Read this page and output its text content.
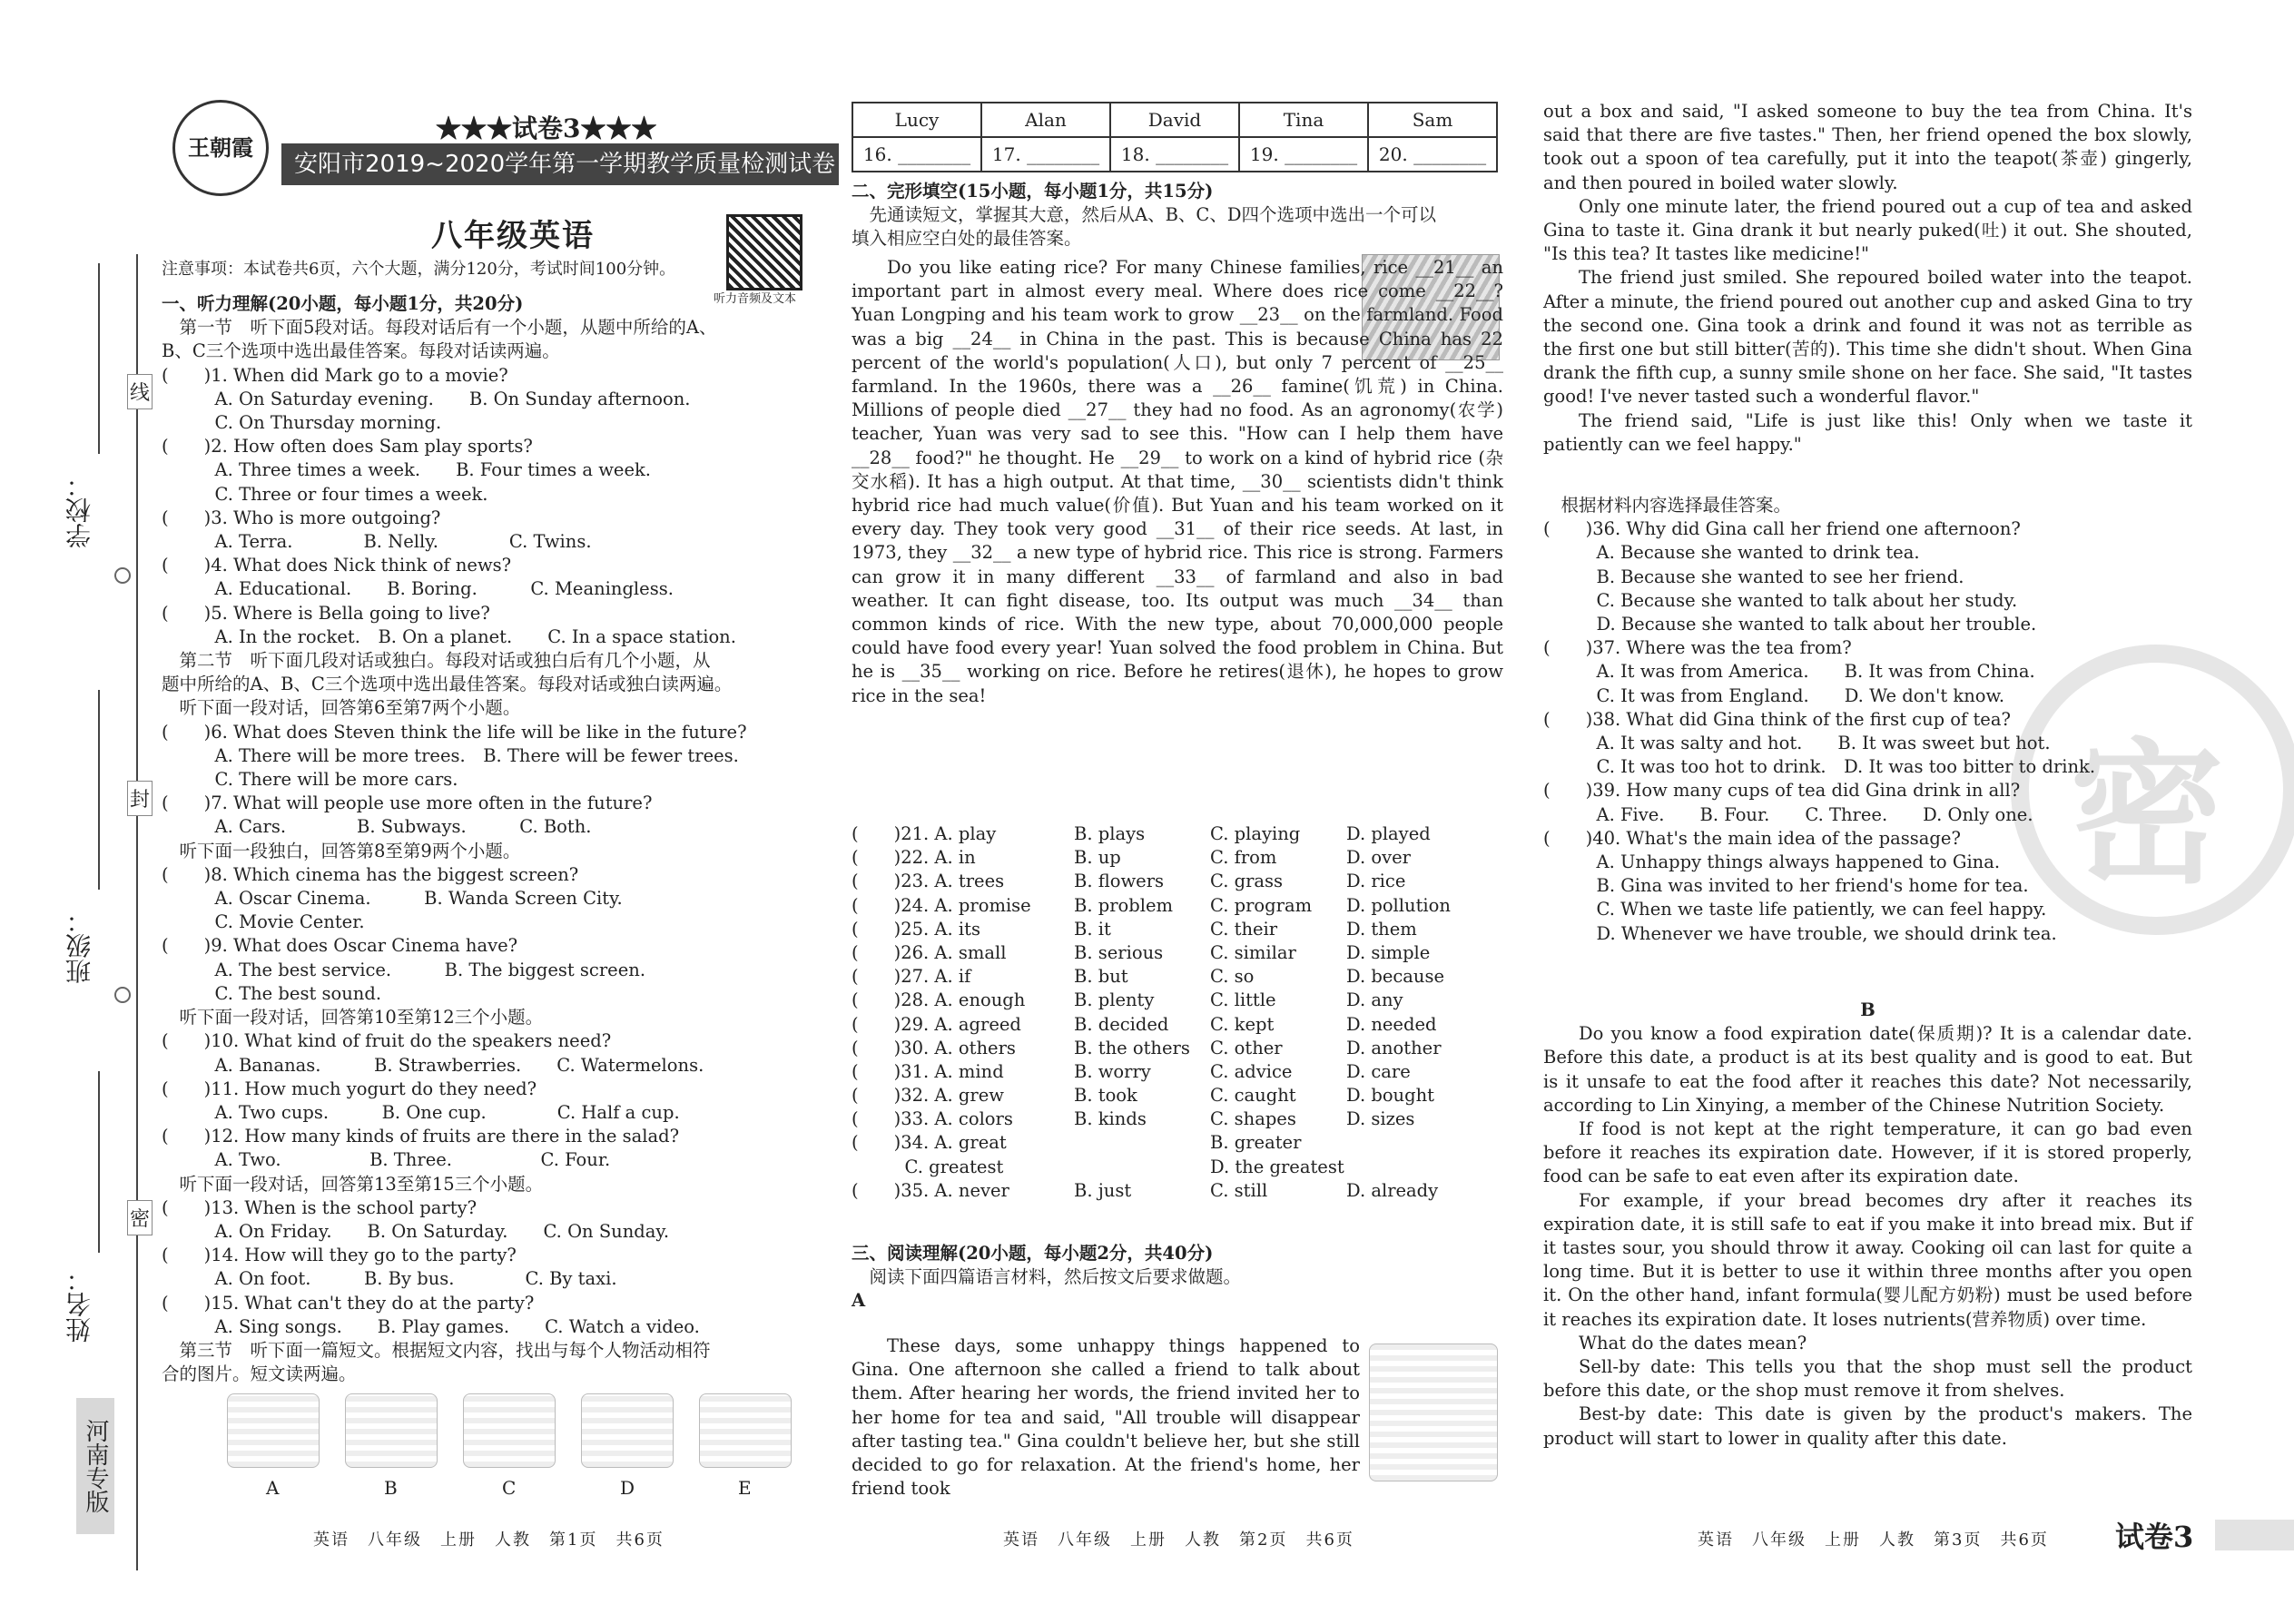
学校：
班级：
姓名：
线
封
密
河南专版
王朝霞
★★★试卷3★★★
安阳市2019~2020学年第一学期教学质量检测试卷
八年级英语
听力音频及文本
注意事项：本试卷共6页，六个大题，满分120分，考试时间100分钟。

一、听力理解(20小题，每小题1分，共20分)

　第一节　听下面5段对话。每段对话后有一个小题，从题中所给的A、

B、C三个选项中选出最佳答案。每段对话读两遍。

(　　)1. When did Mark go to a movie?

　　　A. On Saturday evening.　　B. On Sunday afternoon.

　　　C. On Thursday morning.

(　　)2. How often does Sam play sports?

　　　A. Three times a week.　　B. Four times a week.

　　　C. Three or four times a week.

(　　)3. Who is more outgoing?

　　　A. Terra.　　　　B. Nelly.　　　　C. Twins.

(　　)4. What does Nick think of news?

　　　A. Educational.　　B. Boring.　　　C. Meaningless.

(　　)5. Where is Bella going to live?

　　　A. In the rocket.　B. On a planet.　　C. In a space station.

　第二节　听下面几段对话或独白。每段对话或独白后有几个小题，从

题中所给的A、B、C三个选项中选出最佳答案。每段对话或独白读两遍。

　听下面一段对话，回答第6至第7两个小题。

(　　)6. What does Steven think the life will be like in the future?

　　　A. There will be more trees.　B. There will be fewer trees.

　　　C. There will be more cars.

(　　)7. What will people use more often in the future?

　　　A. Cars.　　　　B. Subways.　　　C. Both.

　听下面一段独白，回答第8至第9两个小题。

(　　)8. Which cinema has the biggest screen?

　　　A. Oscar Cinema.　　　B. Wanda Screen City.

　　　C. Movie Center.

(　　)9. What does Oscar Cinema have?

　　　A. The best service.　　　B. The biggest screen.

　　　C. The best sound.

　听下面一段对话，回答第10至第12三个小题。

(　　)10. What kind of fruit do the speakers need?

　　　A. Bananas.　　　B. Strawberries.　　C. Watermelons.

(　　)11. How much yogurt do they need?

　　　A. Two cups.　　　B. One cup.　　　　C. Half a cup.

(　　)12. How many kinds of fruits are there in the salad?

　　　A. Two.　　　　　B. Three.　　　　　C. Four.

　听下面一段对话，回答第13至第15三个小题。

(　　)13. When is the school party?

　　　A. On Friday.　　B. On Saturday.　　C. On Sunday.

(　　)14. How will they go to the party?

　　　A. On foot.　　　B. By bus.　　　　C. By taxi.

(　　)15. What can't they do at the party?

　　　A. Sing songs.　　B. Play games.　　C. Watch a video.

　第三节　听下面一篇短文。根据短文内容，找出与每个人物活动相符

合的图片。短文读两遍。

A	B	C	D	E
英语　八年级　上册　人教　第1页　共6页	英语　八年级　上册　人教　第2页　共6页
Lucy	Alan	David	Tina	Sam
16. ________	17. ________	18. ________	19. ________	20. ________

二、完形填空(15小题，每小题1分，共15分)

　先通读短文，掌握其大意，然后从A、B、C、D四个选项中选出一个可以

填入相应空白处的最佳答案。

Do you like eating rice? For many Chinese families, rice __21__ an important part in almost every meal. Where does rice come __22__? Yuan Longping and his team work to grow __23__ on the farmland. Food was a big __24__ in China in the past. This is because China has 22 percent of the world's population(人口), but only 7 percent of __25__ farmland. In the 1960s, there was a __26__ famine(饥荒) in China. Millions of people died __27__ they had no food. As an agronomy(农学) teacher, Yuan was very sad to see this. "How can I help them have __28__ food?" he thought. He __29__ to work on a kind of hybrid rice (杂交水稻). It has a high output. At that time, __30__ scientists didn't think hybrid rice had much value(价值). But Yuan and his team worked on it every day. They took very good __31__ of their rice seeds. At last, in 1973, they __32__ a new type of hybrid rice. This rice is strong. Farmers can grow it in many different __33__ of farmland and also in bad weather. It can fight disease, too. Its output was much __34__ than common kinds of rice. With the new type, about 70,000,000 people could have food every year! Yuan solved the food problem in China. But he is __35__ working on rice. Before he retires(退休), he hopes to grow rice in the sea!

(　　)21. A. play	B. plays	C. playing	D. played
(　　)22. A. in	B. up	C. from	D. over
(　　)23. A. trees	B. flowers	C. grass	D. rice
(　　)24. A. promise B. problem C. program D. pollution
(　　)25. A. its	B. it	C. their	D. them
(　　)26. A. small	B. serious	C. similar	D. simple
(　　)27. A. if	B. but	C. so	D. because
(　　)28. A. enough	B. plenty	C. little	D. any
(　　)29. A. agreed	B. decided C. kept	D. needed
(　　)30. A. others	B. the others C. other	D. another
(　　)31. A. mind	B. worry	C. advice	D. care
(　　)32. A. grew	B. took	C. caught	D. bought
(　　)33. A. colors	B. kinds	C. shapes	D. sizes
(　　)34. A. great	B. greater
　　　C. greatest	D. the greatest
(　　)35. A. never	B. just	C. still	D. already

三、阅读理解(20小题，每小题2分，共40分)

　阅读下面四篇语言材料，然后按文后要求做题。

A

These days, some unhappy things happened to Gina. One afternoon she called a friend to talk about them. After hearing her words, the friend invited her to her home for tea and said, "All trouble will disappear after tasting tea." Gina couldn't believe her, but she still decided to go for relaxation. At the friend's home, her friend took

密

out a box and said, "I asked someone to buy the tea from China. It's said that there are five tastes." Then, her friend opened the box slowly, took out a spoon of tea carefully, put it into the teapot(茶壶) gingerly, and then poured in boiled water slowly.

Only one minute later, the friend poured out a cup of tea and asked Gina to taste it. Gina drank it but nearly puked(吐) it out. She shouted, "Is this tea? It tastes like medicine!"

The friend just smiled. She repoured boiled water into the teapot. After a minute, the friend poured out another cup and asked Gina to try the second one. Gina took a drink and found it was not as terrible as the first one but still bitter(苦的). This time she didn't shout. When Gina drank the fifth cup, a sunny smile shone on her face. She said, "It tastes good! I've never tasted such a wonderful flavor."

The friend said, "Life is just like this! Only when we taste it patiently can we feel happy."

　根据材料内容选择最佳答案。

(　　)36. Why did Gina call her friend one afternoon?

　　　A. Because she wanted to drink tea.

　　　B. Because she wanted to see her friend.

　　　C. Because she wanted to talk about her study.

　　　D. Because she wanted to talk about her trouble.

(　　)37. Where was the tea from?

　　　A. It was from America.　　B. It was from China.

　　　C. It was from England.　　D. We don't know.

(　　)38. What did Gina think of the first cup of tea?

　　　A. It was salty and hot.　　B. It was sweet but hot.

　　　C. It was too hot to drink.　D. It was too bitter to drink.

(　　)39. How many cups of tea did Gina drink in all?

　　　A. Five.　　B. Four.　　C. Three.　　D. Only one.

(　　)40. What's the main idea of the passage?

　　　A. Unhappy things always happened to Gina.

　　　B. Gina was invited to her friend's home for tea.

　　　C. When we taste life patiently, we can feel happy.

　　　D. Whenever we have trouble, we should drink tea.

B

Do you know a food expiration date(保质期)? It is a calendar date. Before this date, a product is at its best quality and is good to eat. But is it unsafe to eat the food after it reaches this date? Not necessarily, according to Lin Xinying, a member of the Chinese Nutrition Society.

If food is not kept at the right temperature, it can go bad even before it reaches its expiration date. However, if it is stored properly, food can be safe to eat even after its expiration date.

For example, if your bread becomes dry after it reaches its expiration date, it is still safe to eat if you make it into bread mix. But if it tastes sour, you should throw it away. Cooking oil can last for quite a long time. But it is better to use it within three months after you open it. On the other hand, infant formula(婴儿配方奶粉) must be used before it reaches its expiration date. It loses nutrients(营养物质) over time.

What do the dates mean?

Sell-by date: This tells you that the shop must sell the product before this date, or the shop must remove it from shelves.

Best-by date: This date is given by the product's makers. The product will start to lower in quality after this date.

英语　八年级　上册　人教　第3页　共6页 试卷3
